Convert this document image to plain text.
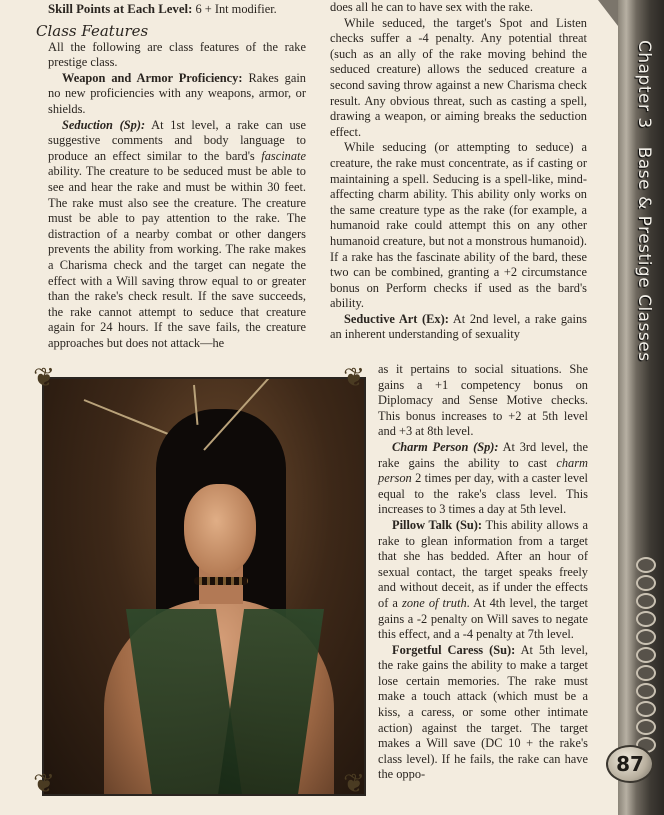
Chapter 3Base & Prestige Classes
87

Skill Points at Each Level: 6 + Int modifier.

Class Features

All the following are class features of the rake prestige class.

Weapon and Armor Proficiency: Rakes gain no new proficiencies with any weapons, armor, or shields.

Seduction (Sp): At 1st level, a rake can use suggestive comments and body language to produce an effect similar to the bard's fascinate ability. The creature to be seduced must be able to see and hear the rake and must be within 30 feet. The rake must also see the creature. The creature must be able to pay attention to the rake. The distraction of a nearby combat or other dangers prevents the ability from working. The rake makes a Charisma check and the target can negate the effect with a Will saving throw equal to or greater than the rake's check result. If the save succeeds, the rake cannot attempt to seduce that creature again for 24 hours. If the save fails, the creature approaches but does not attack—he

does all he can to have sex with the rake.

While seduced, the target's Spot and Listen checks suffer a -4 penalty. Any potential threat (such as an ally of the rake moving behind the seduced creature) allows the seduced creature a second saving throw against a new Charisma check result. Any obvious threat, such as casting a spell, drawing a weapon, or aiming breaks the seduction effect.

While seducing (or attempting to seduce) a creature, the rake must concentrate, as if casting or maintaining a spell. Seducing is a spell-like, mind-affecting charm ability. This ability only works on the same creature type as the rake (for example, a humanoid rake could attempt this on any other humanoid creature, but not a monstrous humanoid). If a rake has the fascinate ability of the bard, these two can be combined, granting a +2 circumstance bonus on Perform checks if used as the bard's ability.

Seductive Art (Ex): At 2nd level, a rake gains an inherent understanding of sexuality

as it pertains to social situations. She gains a +1 competency bonus on Diplomacy and Sense Motive checks. This bonus increases to +2 at 5th level and +3 at 8th level.

Charm Person (Sp): At 3rd level, the rake gains the ability to cast charm person 2 times per day, with a caster level equal to the rake's class level. This increases to 3 times a day at 5th level.

Pillow Talk (Su): This ability allows a rake to glean information from a target that she has bedded. After an hour of sexual contact, the target speaks freely and without deceit, as if under the effects of a zone of truth. At 4th level, the target gains a -2 penalty on Will saves to negate this effect, and a -4 penalty at 7th level.

Forgetful Caress (Su): At 5th level, the rake gains the ability to make a target lose certain memories. The rake must make a touch attack (which must be a kiss, a caress, or some other intimate action) against the target. The target makes a Will save (DC 10 + the rake's class level). If he fails, the rake can have the oppo-

❦	❦
❦	❦
